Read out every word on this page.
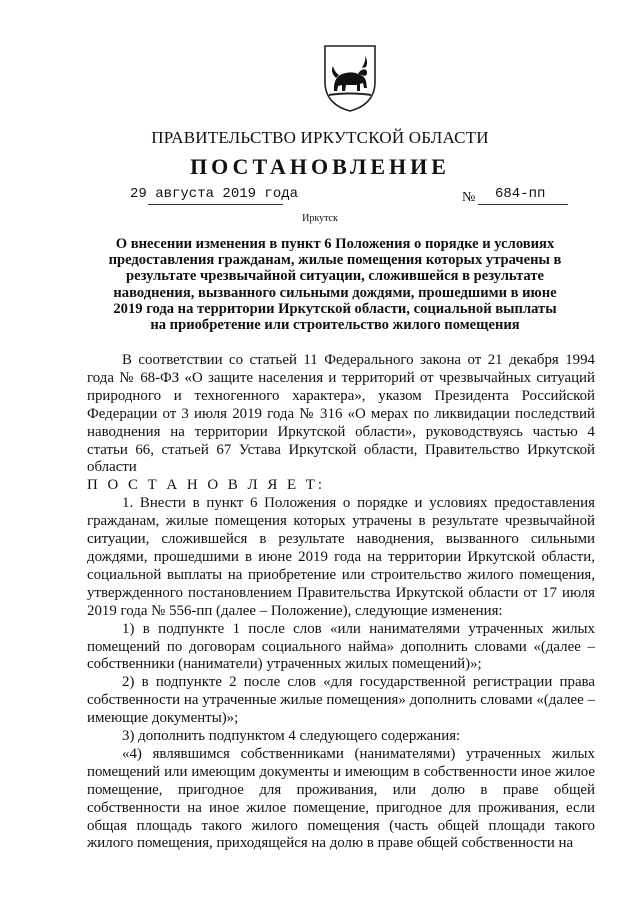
ПРАВИТЕЛЬСТВО ИРКУТСКОЙ ОБЛАСТИ
ПОСТАНОВЛЕНИЕ
29 августа 2019 года	№ 684-пп
Иркутск
О внесении изменения в пункт 6 Положения о порядке и условиях предоставления гражданам, жилые помещения которых утрачены в результате чрезвычайной ситуации, сложившейся в результате наводнения, вызванного сильными дождями, прошедшими в июне 2019 года на территории Иркутской области, социальной выплаты на приобретение или строительство жилого помещения

В соответствии со статьей 11 Федерального закона от 21 декабря 1994 года № 68-ФЗ «О защите населения и территорий от чрезвычайных ситуаций природного и техногенного характера», указом Президента Российской Федерации от 3 июля 2019 года № 316 «О мерах по ликвидации последствий наводнения на территории Иркутской области», руководствуясь частью 4 статьи 66, статьей 67 Устава Иркутской области, Правительство Иркутской области

П О С Т А Н О В Л Я Е Т:

1. Внести в пункт 6 Положения о порядке и условиях предоставления гражданам, жилые помещения которых утрачены в результате чрезвычайной ситуации, сложившейся в результате наводнения, вызванного сильными дождями, прошедшими в июне 2019 года на территории Иркутской области, социальной выплаты на приобретение или строительство жилого помещения, утвержденного постановлением Правительства Иркутской области от 17 июля 2019 года № 556-пп (далее – Положение), следующие изменения:

1) в подпункте 1 после слов «или нанимателями утраченных жилых помещений по договорам социального найма» дополнить словами «(далее – собственники (наниматели) утраченных жилых помещений)»;

2) в подпункте 2 после слов «для государственной регистрации права собственности на утраченные жилые помещения» дополнить словами «(далее – имеющие документы)»;

3) дополнить подпунктом 4 следующего содержания:

«4) являвшимся собственниками (нанимателями) утраченных жилых помещений или имеющим документы и имеющим в собственности иное жилое помещение, пригодное для проживания, или долю в праве общей собственности на иное жилое помещение, пригодное для проживания, если общая площадь такого жилого помещения (часть общей площади такого жилого помещения, приходящейся на долю в праве общей собственности на
